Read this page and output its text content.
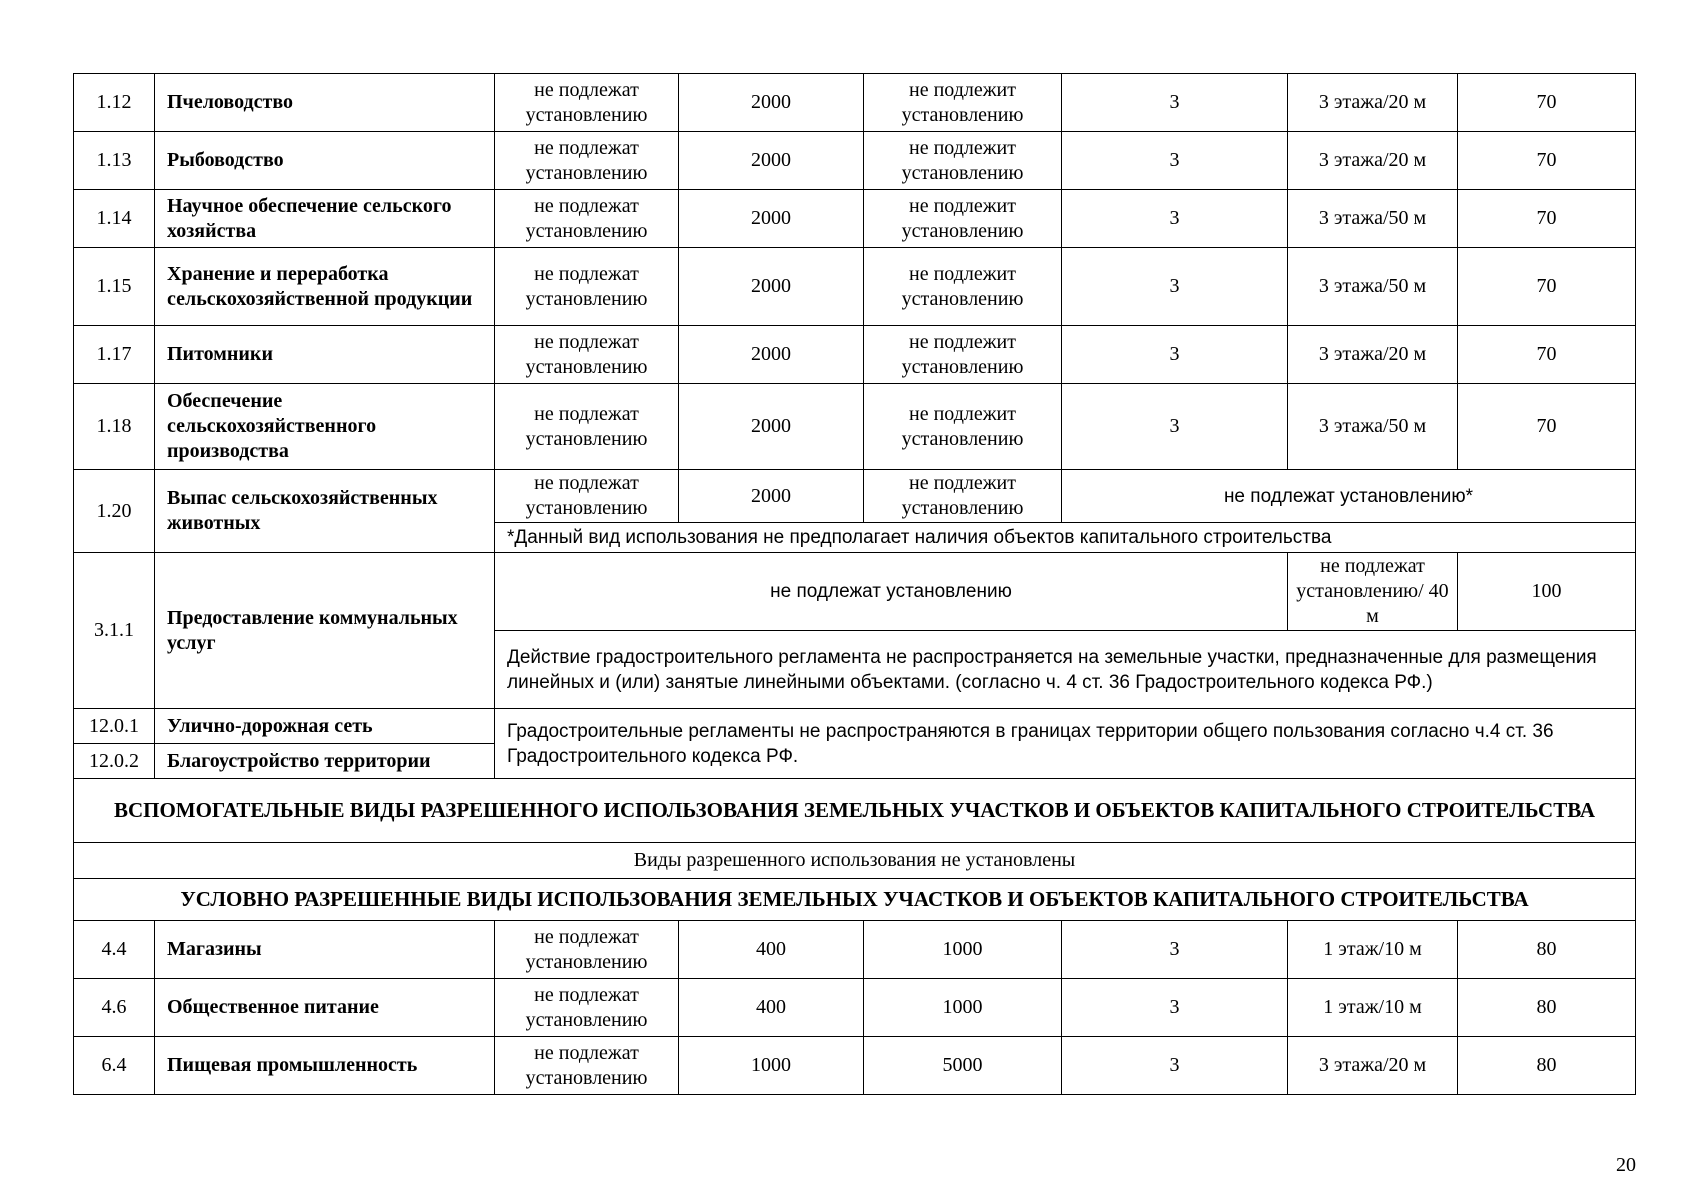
1.12	Пчеловодство	не подлежат установлению	2000	не подлежит установлению	3	3 этажа/20 м	70
1.13	Рыбоводство	не подлежат установлению	2000	не подлежит установлению	3	3 этажа/20 м	70
1.14	Научное обеспечение сельского хозяйства	не подлежат установлению	2000	не подлежит установлению	3	3 этажа/50 м	70
1.15	Хранение и переработка сельскохозяйственной продукции	не подлежат установлению	2000	не подлежит установлению	3	3 этажа/50 м	70
1.17	Питомники	не подлежат установлению	2000	не подлежит установлению	3	3 этажа/20 м	70
1.18	Обеспечение сельскохозяйственного производства	не подлежат установлению	2000	не подлежит установлению	3	3 этажа/50 м	70
1.20	Выпас сельскохозяйственных животных	не подлежат установлению	2000	не подлежит установлению	не подлежат установлению*		
		*Данный вид использования не предполагает наличия объектов капитального строительства					
3.1.1	Предоставление коммунальных услуг	не подлежат установлению				не подлежат установлению/ 40 м	100
		Действие градостроительного регламента не распространяется на земельные участки, предназначенные для размещения линейных и (или) занятые линейными объектами. (согласно ч. 4 ст. 36 Градостроительного кодекса РФ.)					
12.0.1	Улично-дорожная сеть	Градостроительные регламенты не распространяются в границах территории общего пользования согласно ч.4 ст. 36 Градостроительного кодекса РФ.					
12.0.2	Благоустройство территории						
ВСПОМОГАТЕЛЬНЫЕ ВИДЫ РАЗРЕШЕННОГО ИСПОЛЬЗОВАНИЯ ЗЕМЕЛЬНЫХ УЧАСТКОВ И ОБЪЕКТОВ КАПИТАЛЬНОГО СТРОИТЕЛЬСТВА							
Виды разрешенного использования не установлены							
УСЛОВНО РАЗРЕШЕННЫЕ ВИДЫ ИСПОЛЬЗОВАНИЯ ЗЕМЕЛЬНЫХ УЧАСТКОВ И ОБЪЕКТОВ КАПИТАЛЬНОГО СТРОИТЕЛЬСТВА							
4.4	Магазины	не подлежат установлению	400	1000	3	1 этаж/10 м	80
4.6	Общественное питание	не подлежат установлению	400	1000	3	1 этаж/10 м	80
6.4	Пищевая промышленность	не подлежат установлению	1000	5000	3	3 этажа/20 м	80
20
